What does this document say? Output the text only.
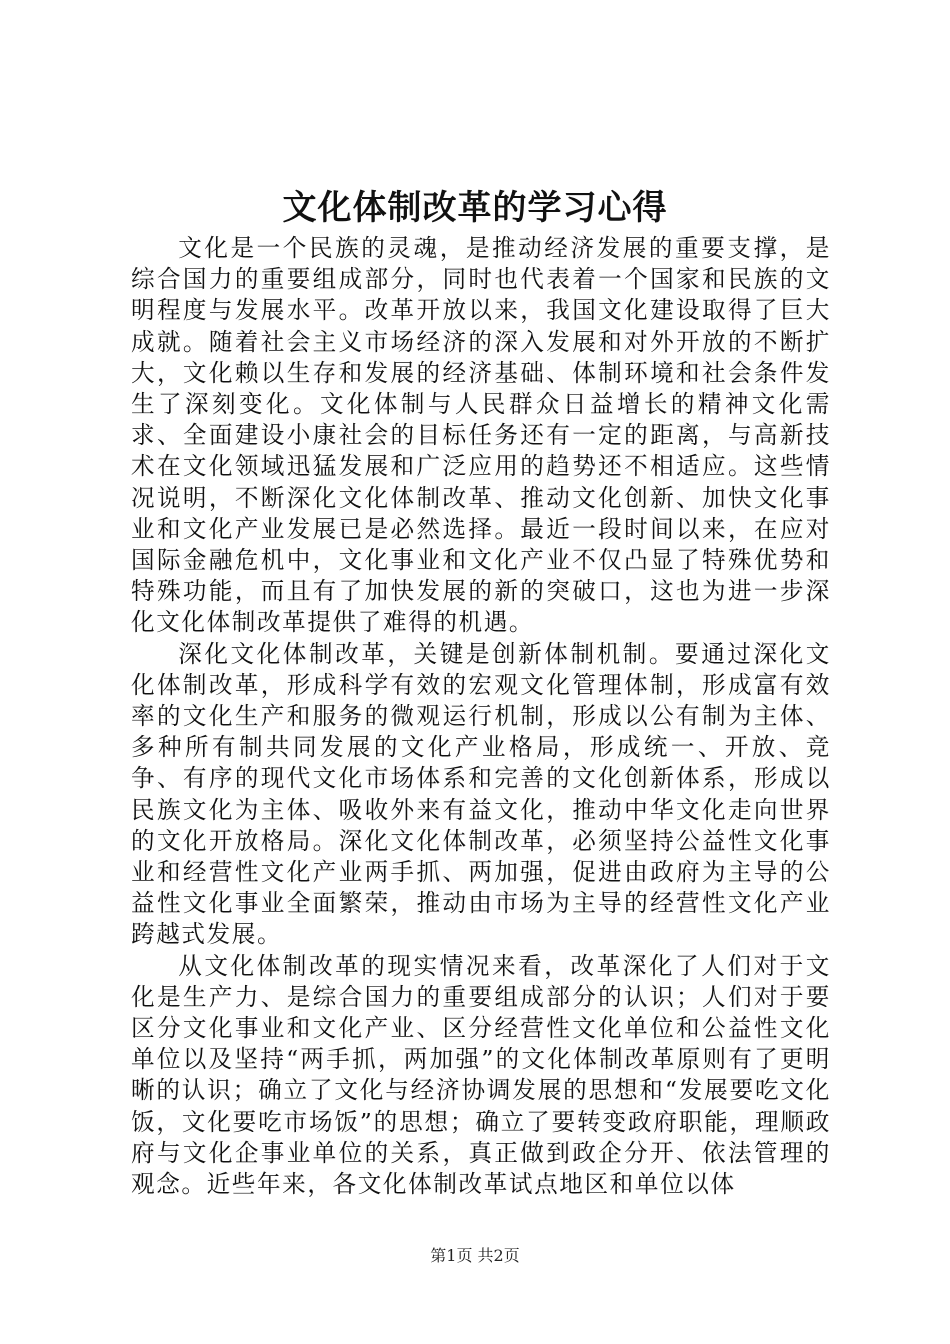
文化体制改革的学习心得

文化是一个民族的灵魂，是推动经济发展的重要支撑，是综合国力的重要组成部分，同时也代表着一个国家和民族的文明程度与发展水平。改革开放以来，我国文化建设取得了巨大成就。随着社会主义市场经济的深入发展和对外开放的不断扩大，文化赖以生存和发展的经济基础、体制环境和社会条件发生了深刻变化。文化体制与人民群众日益增长的精神文化需求、全面建设小康社会的目标任务还有一定的距离，与高新技术在文化领域迅猛发展和广泛应用的趋势还不相适应。这些情况说明，不断深化文化体制改革、推动文化创新、加快文化事业和文化产业发展已是必然选择。最近一段时间以来，在应对国际金融危机中，文化事业和文化产业不仅凸显了特殊优势和特殊功能，而且有了加快发展的新的突破口，这也为进一步深化文化体制改革提供了难得的机遇。

深化文化体制改革，关键是创新体制机制。要通过深化文化体制改革，形成科学有效的宏观文化管理体制，形成富有效率的文化生产和服务的微观运行机制，形成以公有制为主体、多种所有制共同发展的文化产业格局，形成统一、开放、竞争、有序的现代文化市场体系和完善的文化创新体系，形成以民族文化为主体、吸收外来有益文化，推动中华文化走向世界的文化开放格局。深化文化体制改革，必须坚持公益性文化事业和经营性文化产业两手抓、两加强，促进由政府为主导的公益性文化事业全面繁荣，推动由市场为主导的经营性文化产业跨越式发展。

从文化体制改革的现实情况来看，改革深化了人们对于文化是生产力、是综合国力的重要组成部分的认识；人们对于要区分文化事业和文化产业、区分经营性文化单位和公益性文化单位以及坚持“两手抓，两加强”的文化体制改革原则有了更明晰的认识；确立了文化与经济协调发展的思想和“发展要吃文化饭，文化要吃市场饭”的思想；确立了要转变政府职能，理顺政府与文化企事业单位的关系，真正做到政企分开、依法管理的观念。近些年来，各文化体制改革试点地区和单位以体

第1页 共2页
